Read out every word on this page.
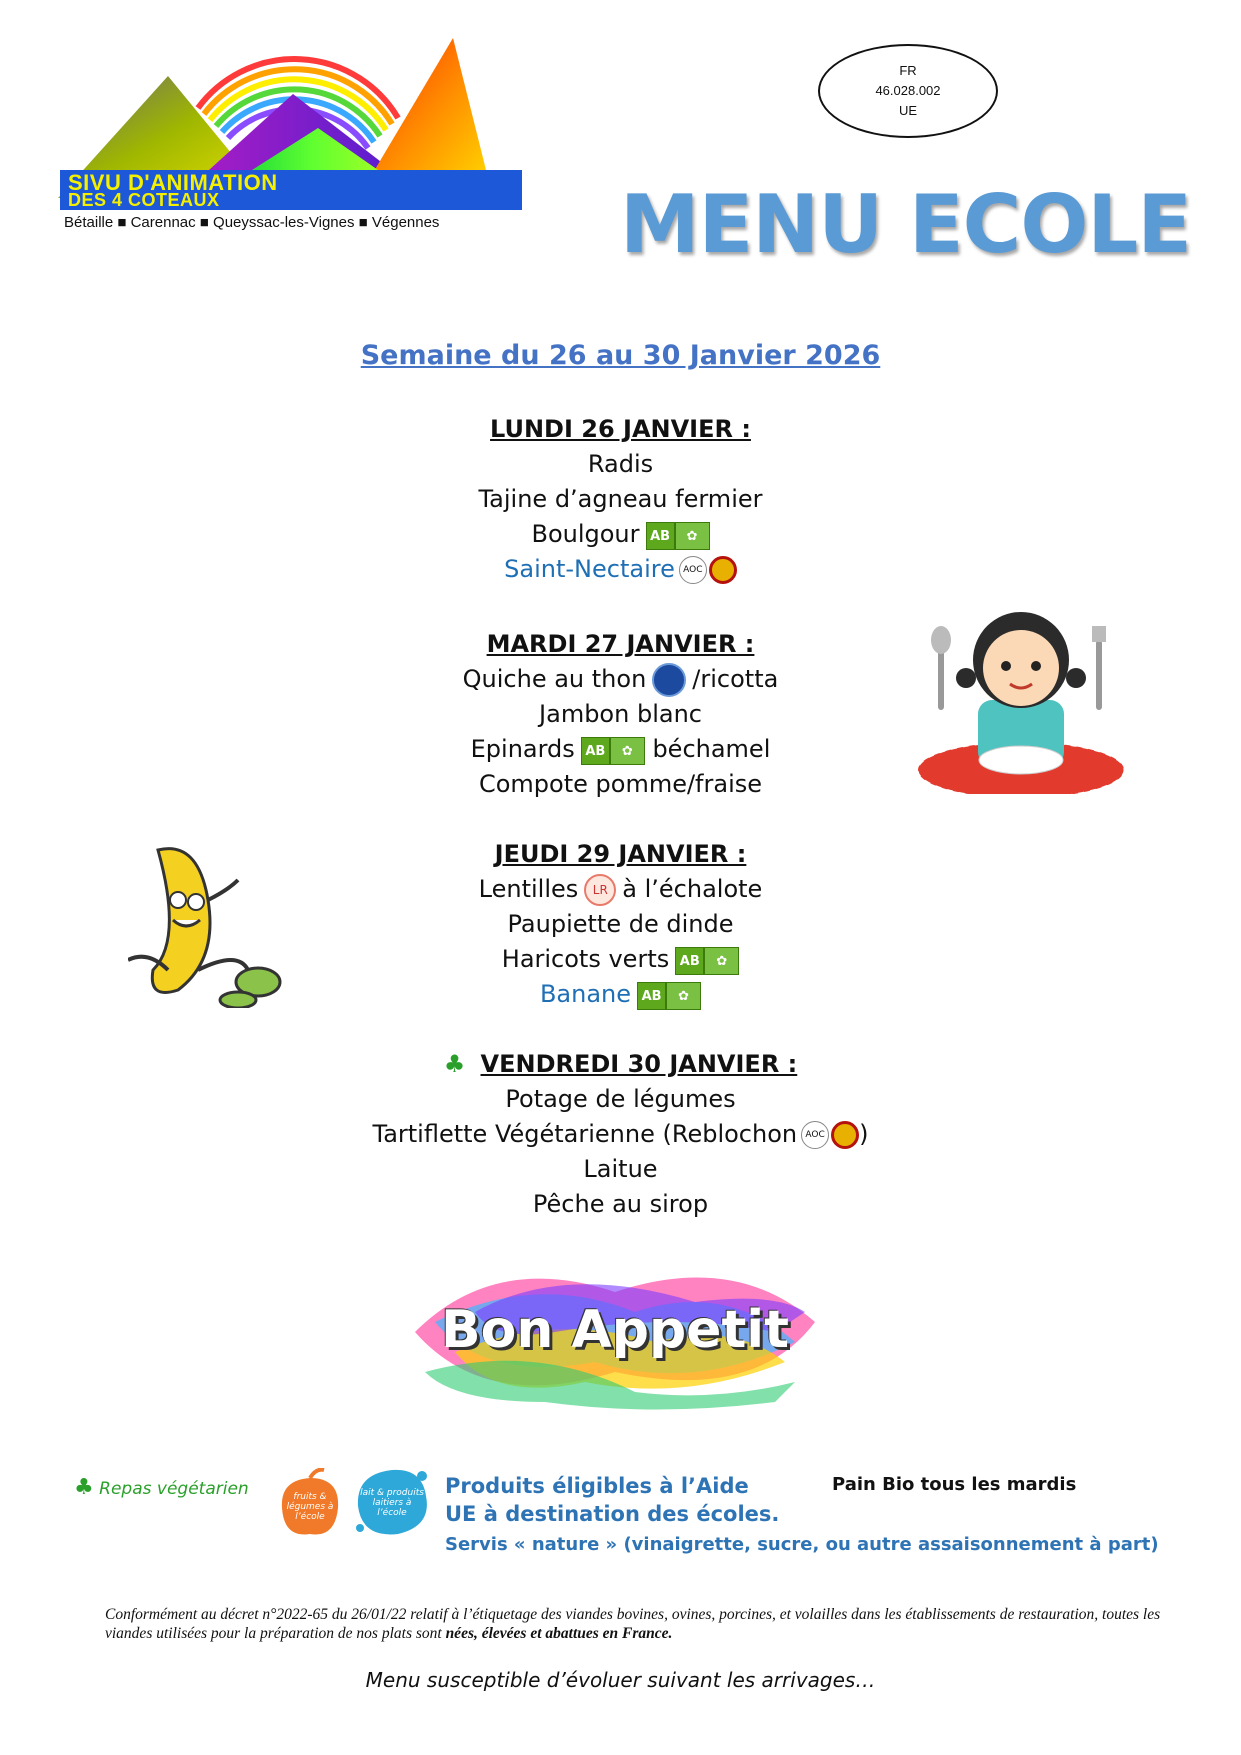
SIVU D'ANIMATION
DES 4 COTEAUX
Bétaille ■ Carennac ■ Queyssac-les-Vignes ■ Végennes
FR
46.028.002
UE
MENU ECOLE
Semaine du 26 au 30 Janvier 2026
LUNDI 26 JANVIER :
Radis
Tajine d’agneau fermier
Boulgour AB	✿
Saint-Nectaire AOC
MARDI 27 JANVIER :
Quiche au thon /ricotta
Jambon blanc
Epinards AB	✿ béchamel
Compote pomme/fraise
JEUDI 29 JANVIER :
Lentilles LR à l’échalote
Paupiette de dinde
Haricots verts AB	✿
Banane AB	✿
♣ VENDREDI 30 JANVIER :
Potage de légumes
Tartiflette Végétarienne (Reblochon AOC )
Laitue
Pêche au sirop
Bon Appetit
♣ Repas végétarien	fruits & légumes à l’école
lait & produits laitiers à l’école
Produits éligibles à l’Aide
UE à destination des écoles.
Servis « nature » (vinaigrette, sucre, ou autre assaisonnement à part)
Pain Bio tous les mardis
Conformément au décret n°2022-65 du 26/01/22 relatif à l’étiquetage des viandes bovines, ovines, porcines, et volailles dans les établissements de restauration, toutes les viandes utilisées pour la préparation de nos plats sont nées, élevées et abattues en France.
Menu susceptible d’évoluer suivant les arrivages…
